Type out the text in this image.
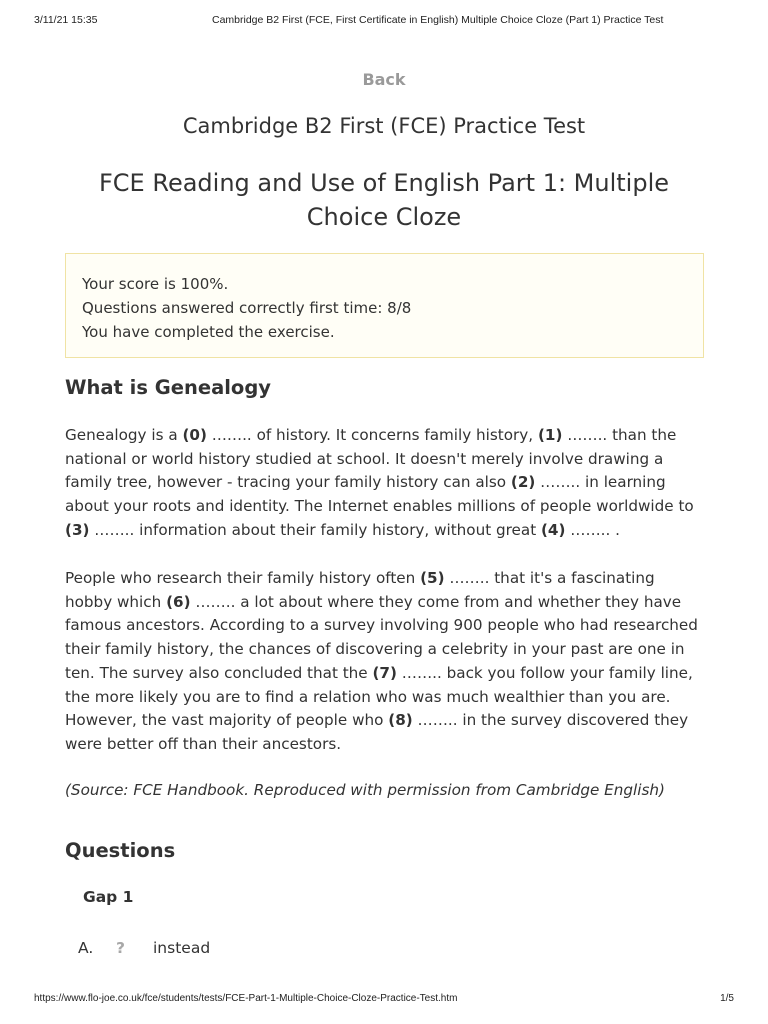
3/11/21 15:35	Cambridge B2 First (FCE, First Certificate in English) Multiple Choice Cloze (Part 1) Practice Test
Back
Cambridge B2 First (FCE) Practice Test
FCE Reading and Use of English Part 1: Multiple Choice Cloze
Your score is 100%.
Questions answered correctly first time: 8/8
You have completed the exercise.
What is Genealogy

Genealogy is a (0) …….. of history. It concerns family history, (1) …….. than the national or world history studied at school. It doesn't merely involve drawing a family tree, however - tracing your family history can also (2) …….. in learning about your roots and identity. The Internet enables millions of people worldwide to (3) …….. information about their family history, without great (4) …….. .

People who research their family history often (5) …….. that it's a fascinating hobby which (6) …….. a lot about where they come from and whether they have famous ancestors. According to a survey involving 900 people who had researched their family history, the chances of discovering a celebrity in your past are one in ten. The survey also concluded that the (7) …….. back you follow your family line, the more likely you are to find a relation who was much wealthier than you are. However, the vast majority of people who (8) …….. in the survey discovered they were better off than their ancestors.

(Source: FCE Handbook. Reproduced with permission from Cambridge English)

Questions
Gap 1
A. ? instead
https://www.flo-joe.co.uk/fce/students/tests/FCE-Part-1-Multiple-Choice-Cloze-Practice-Test.htm	1/5
